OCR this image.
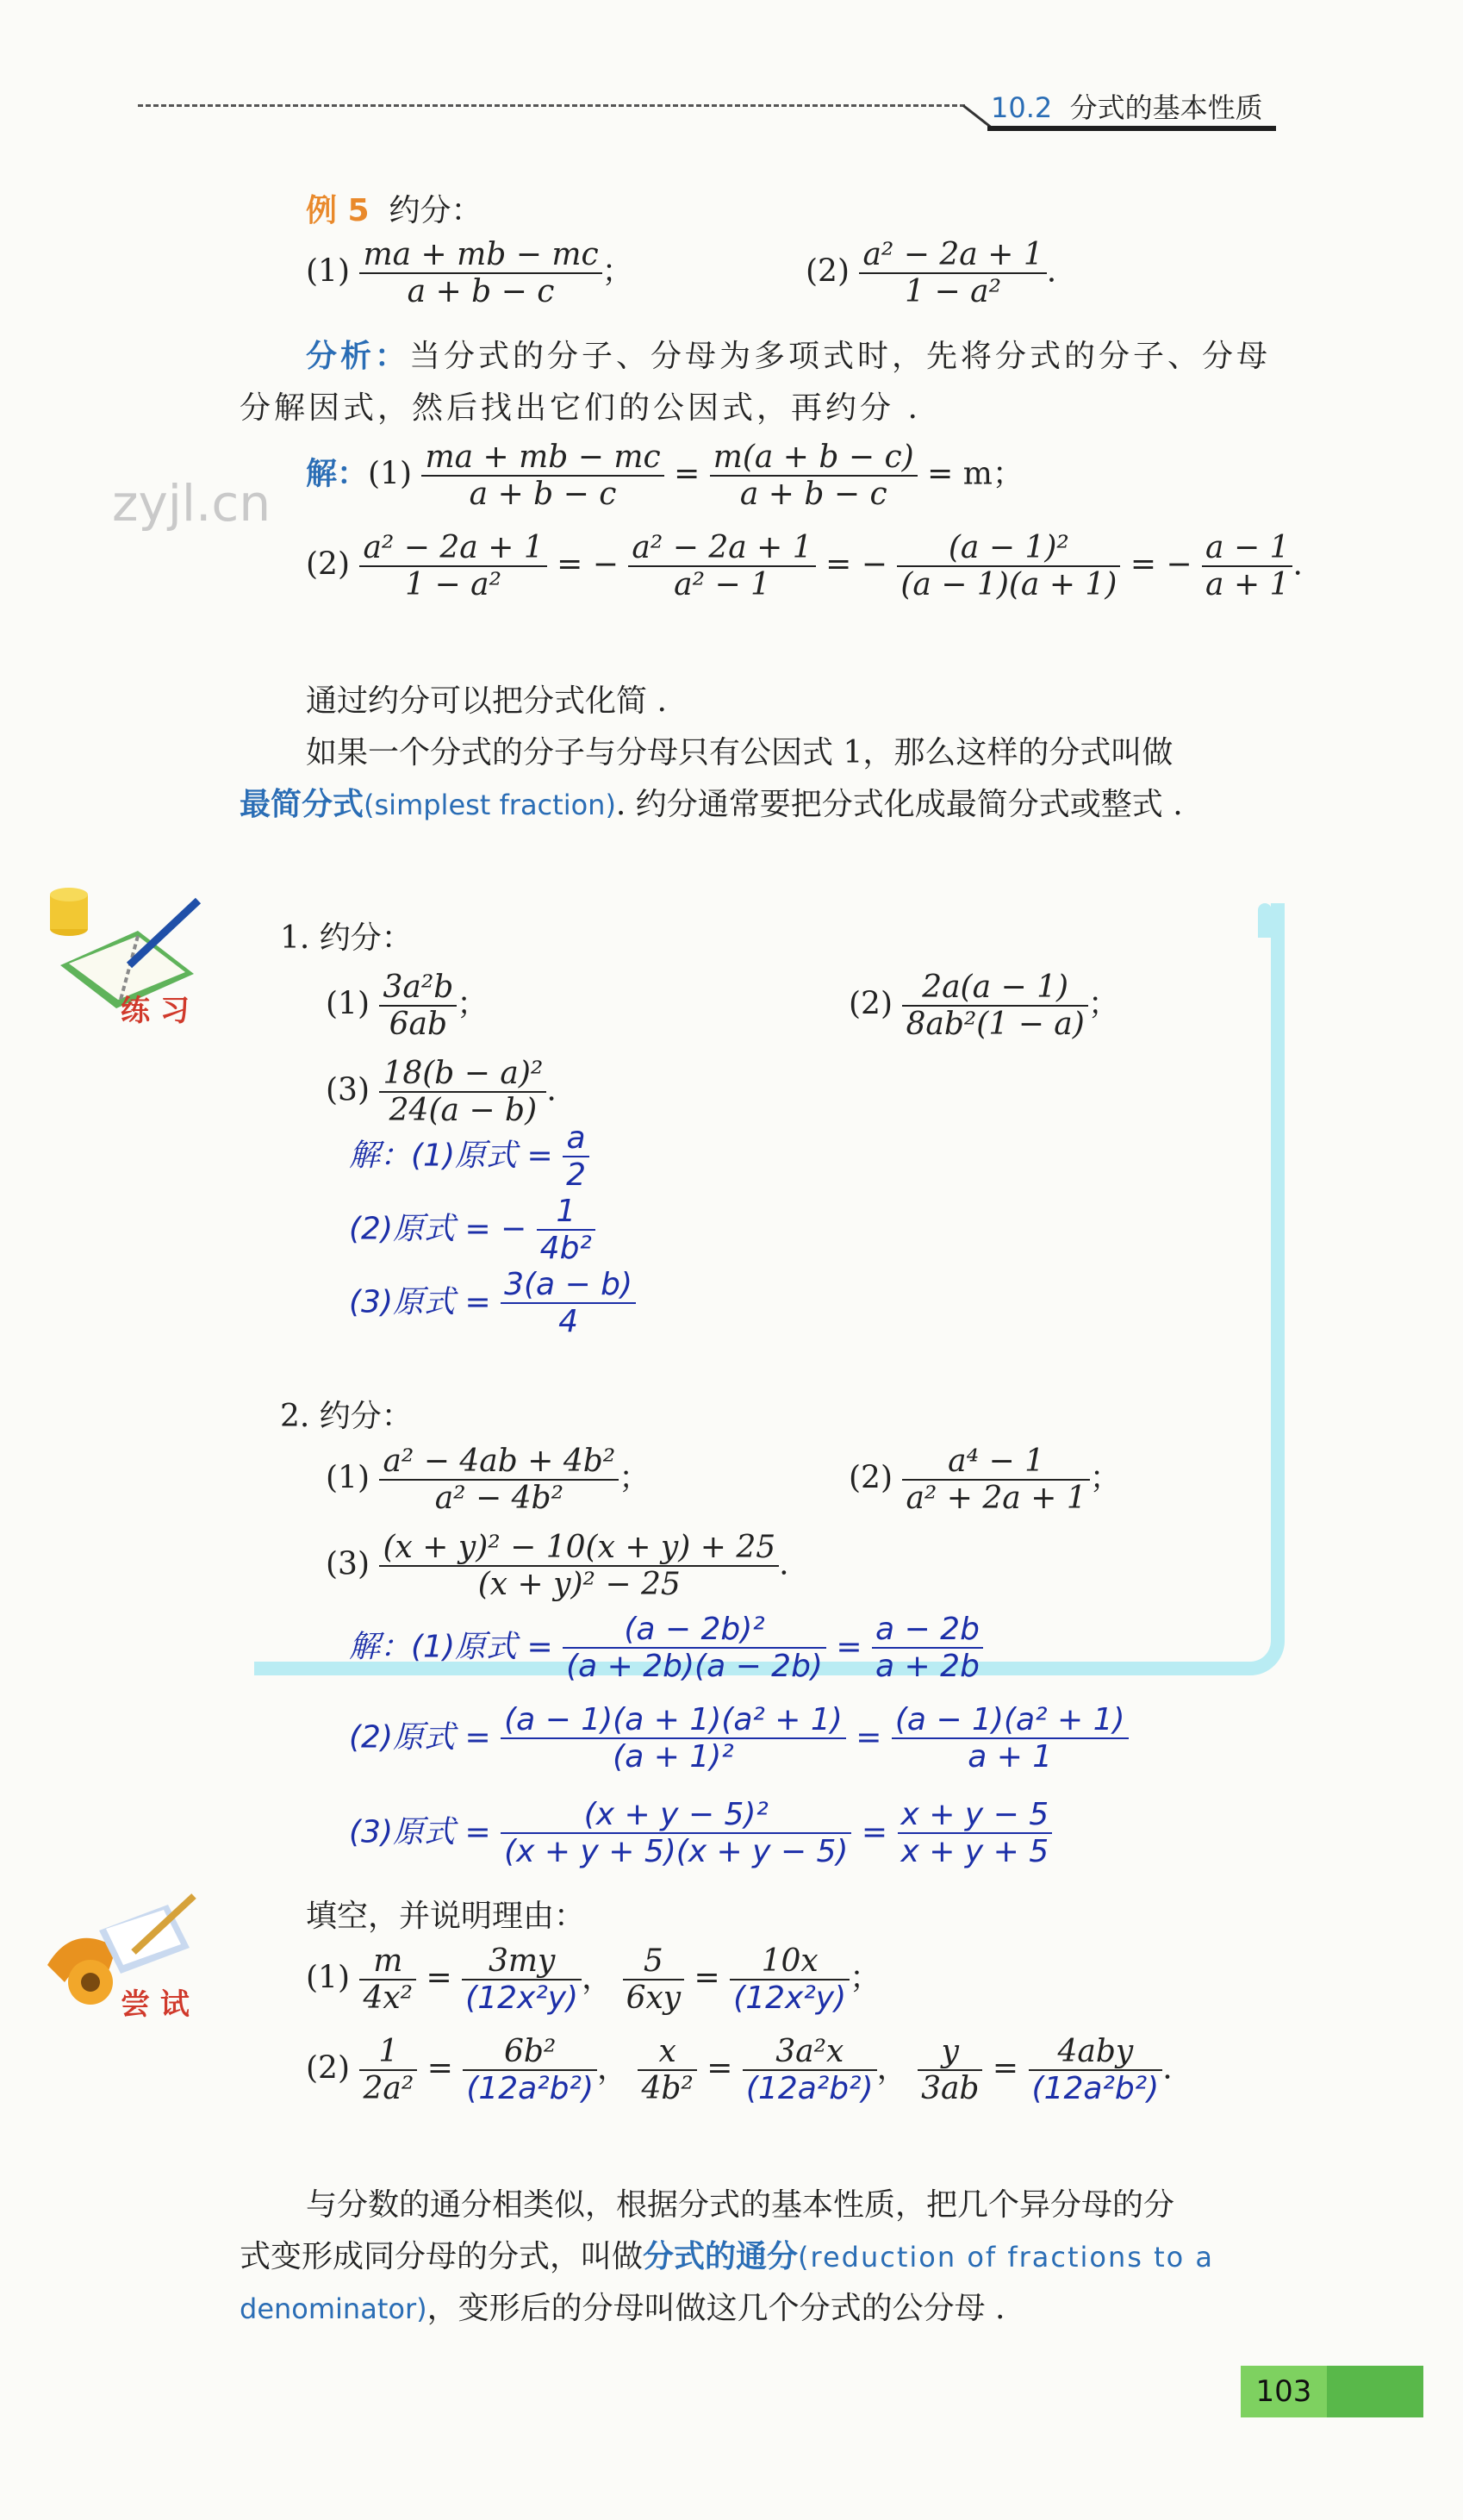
10.2 分式的基本性质
例 5 约分：
$(1) \frac{ma + mb - mc}{a + b - c}$ ；	$(2) \frac{\text{a² − 2a + 1}}{\text{1 − a²}}$ .
分析：当分式的分子、分母为多项式时，先将分式的分子、分母
分解因式，然后找出它们的公因式，再约分 .
解：$(1) \frac{ma + mb - mc}{a + b - c} = \frac{m(a + b - c)}{a + b - c} = m$；
$(2) \frac{\text{a² − 2a + 1}}{\text{1 − a²}}$ = − $\frac{\text{a² − 2a + 1}}{\text{a² − 1}}$ = − $\frac{\text{(a − 1)²}}{(a - 1)(a + 1)}$ = − $\frac{a - 1}{a + 1}$ .
zyjl.cn
通过约分可以把分式化简 .
如果一个分式的分子与分母只有公因式 1，那么这样的分式叫做
最简分式(simplest fraction). 约分通常要把分式化成最简分式或整式 .
练 习
1. 约分：
$(1) \frac{\text{3a²b}}{6ab}$ ；	$(2) \frac{2a(a - 1)}{\text{8ab²(1 − a)}}$ ；
$(3) \frac{\text{18(b − a)²}}{24(a - b)}$ .
解：(1)原式 = $\frac{a}{2}$
(2)原式 = − $\frac{1}{\text{4b²}}$
(3)原式 = $\frac{3(a - b)}{4}$
2. 约分：
$(1) \frac{\text{a² − 4ab + 4b²}}{\text{a² − 4b²}}$ ；	$(2) \frac{\text{a⁴ − 1}}{\text{a² + 2a + 1}}$ ；
$(3) \frac{\text{(x + y)² − 10(x + y) + 25}}{\text{(x + y)² − 25}}$ .
解：(1)原式 = $\frac{\text{(a − 2b)²}}{(a + 2b)(a - 2b)} = \frac{a - 2b}{a + 2b}$
(2)原式 = $\frac{\text{(a − 1)(a + 1)(a² + 1)}}{\text{(a + 1)²}} = \frac{\text{(a − 1)(a² + 1)}}{a + 1}$
(3)原式 = $\frac{\text{(x + y − 5)²}}{(x + y + 5)(x + y - 5)} = \frac{x + y - 5}{x + y + 5}$
尝 试
填空，并说明理由：
$(1) \frac{m}{\text{4x²}} = \frac{3my}{\text{(12x²y)}}$ ， $\frac{5}{6xy} = \frac{10x}{\text{(12x²y)}}$ ；
$(2) \frac{1}{\text{2a²}} = \frac{\text{6b²}}{\text{(12a²b²)}}$ ， $\frac{x}{\text{4b²}} = \frac{\text{3a²x}}{\text{(12a²b²)}}$ ， $\frac{y}{3ab} = \frac{\text{4aby}}{\text{(12a²b²)}}$ .
与分数的通分相类似，根据分式的基本性质，把几个异分母的分
式变形成同分母的分式，叫做分式的通分(reduction of fractions to a
denominator)，变形后的分母叫做这几个分式的公分母 .
103
